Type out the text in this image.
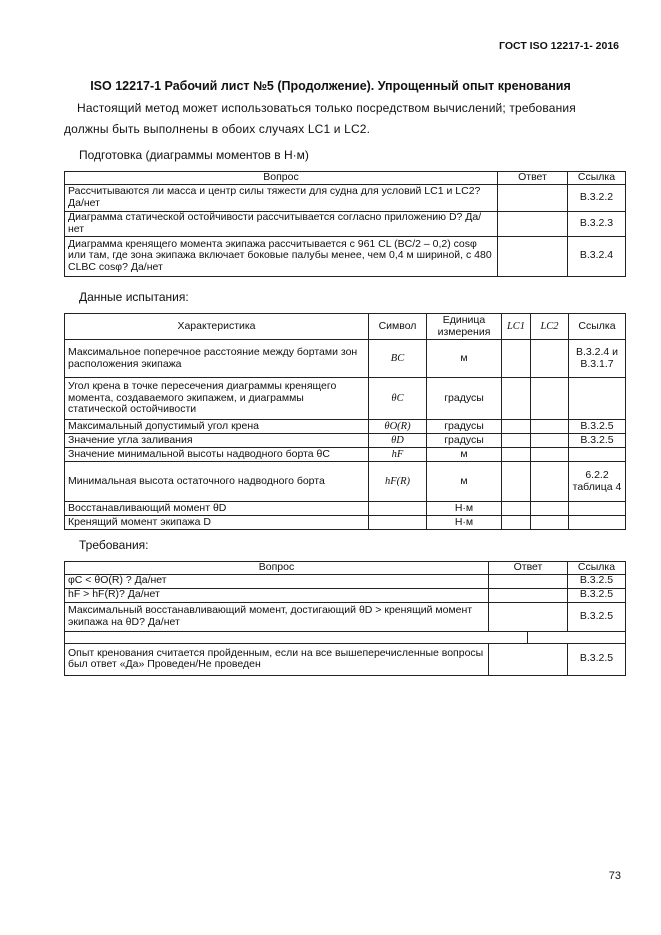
ГОСТ ISO 12217-1- 2016
ISO 12217-1 Рабочий лист №5 (Продолжение). Упрощенный опыт кренования
Настоящий метод может использоваться только посредством вычислений; требования
должны быть выполнены в обоих случаях LC1 и LC2.
Подготовка (диаграммы моментов в Н·м)
Вопрос	Ответ	Ссылка
Рассчитываются ли масса и центр силы тяжести для судна для условий LC1 и LC2? Да/нет		B.3.2.2
Диаграмма статической остойчивости рассчитывается согласно приложению D? Да/нет		B.3.2.3
Диаграмма кренящего момента экипажа рассчитывается с 961 CL (BC/2 – 0,2) cosφ или там, где зона экипажа включает боковые палубы менее, чем 0,4 м шириной, с 480 CLBC cosφ? Да/нет		B.3.2.4
Данные испытания:
Характеристика	Символ	Единица измерения	LC1	LC2	Ссылка
Максимальное поперечное расстояние между бортами зон расположения экипажа	BC	м			B.3.2.4 и B.3.1.7
Угол крена в точке пересечения диаграммы кренящего момента, создаваемого экипажем, и диаграммы статической остойчивости	θC	градусы			
Максимальный допустимый угол крена	θO(R)	градусы			B.3.2.5
Значение угла заливания	θD	градусы			B.3.2.5
Значение минимальной высоты надводного борта θC	hF	м			
Минимальная высота остаточного надводного борта	hF(R)	м			6.2.2 таблица 4
Восстанавливающий момент θD		Н·м			
Кренящий момент экипажа D		Н·м			
Требования:
Вопрос	Ответ		Ссылка
φC < θO(R) ? Да/нет			B.3.2.5
hF > hF(R)? Да/нет			B.3.2.5
Максимальный восстанавливающий момент, достигающий θD > кренящий момент экипажа на θD? Да/нет			B.3.2.5

Опыт кренования считается пройденным, если на все вышеперечисленные вопросы был ответ «Да» Проведен/Не проведен			B.3.2.5
73
